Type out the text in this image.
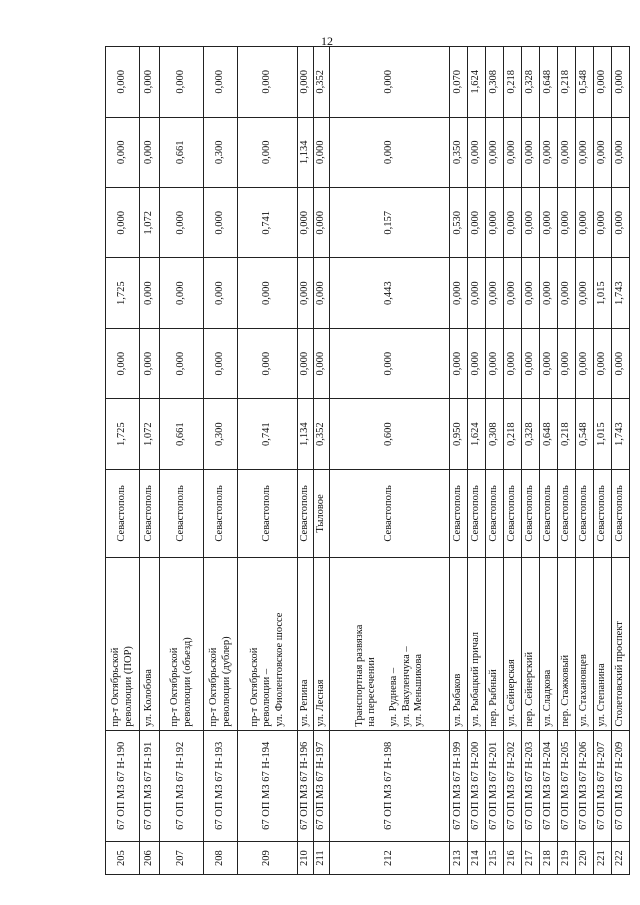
12
205	67 ОП МЗ 67 Н-190	пр-т Октябрьской революции (ПОР)	Севастополь	1,725	0,000	1,725	0,000	0,000	0,000
206	67 ОП МЗ 67 Н-191	ул. Колобова	Севастополь	1,072	0,000	0,000	1,072	0,000	0,000
207	67 ОП МЗ 67 Н-192	пр-т Октябрьской революции (объезд)	Севастополь	0,661	0,000	0,000	0,000	0,661	0,000
208	67 ОП МЗ 67 Н-193	пр-т Октябрьской революции (дублер)	Севастополь	0,300	0,000	0,000	0,000	0,300	0,000
209	67 ОП МЗ 67 Н-194	пр-т Октябрьской революции – ул. Фиолентовское шоссе	Севастополь	0,741	0,000	0,000	0,741	0,000	0,000
210	67 ОП МЗ 67 Н-196	ул. Репина	Севастополь	1,134	0,000	0,000	0,000	1,134	0,000
211	67 ОП МЗ 67 Н-197	ул. Лесная	Тыловое	0,352	0,000	0,000	0,000	0,000	0,352
212	67 ОП МЗ 67 Н-198	Транспортная развязка на пересечении ул. Руднева – ул. Вакуленчука – ул. Меньшикова	Севастополь	0,600	0,000	0,443	0,157	0,000	0,000
213	67 ОП МЗ 67 Н-199	ул. Рыбаков	Севастополь	0,950	0,000	0,000	0,530	0,350	0,070
214	67 ОП МЗ 67 Н-200	ул. Рыбацкий причал	Севастополь	1,624	0,000	0,000	0,000	0,000	1,624
215	67 ОП МЗ 67 Н-201	пер. Рыбный	Севастополь	0,308	0,000	0,000	0,000	0,000	0,308
216	67 ОП МЗ 67 Н-202	ул. Сейнерская	Севастополь	0,218	0,000	0,000	0,000	0,000	0,218
217	67 ОП МЗ 67 Н-203	пер. Сейнерский	Севастополь	0,328	0,000	0,000	0,000	0,000	0,328
218	67 ОП МЗ 67 Н-204	ул. Сладкова	Севастополь	0,648	0,000	0,000	0,000	0,000	0,648
219	67 ОП МЗ 67 Н-205	пер. Стажковый	Севастополь	0,218	0,000	0,000	0,000	0,000	0,218
220	67 ОП МЗ 67 Н-206	ул. Стахановцев	Севастополь	0,548	0,000	0,000	0,000	0,000	0,548
221	67 ОП МЗ 67 Н-207	ул. Степанина	Севастополь	1,015	0,000	1,015	0,000	0,000	0,000
222	67 ОП МЗ 67 Н-209	Столетовский проспект	Севастополь	1,743	0,000	1,743	0,000	0,000	0,000
